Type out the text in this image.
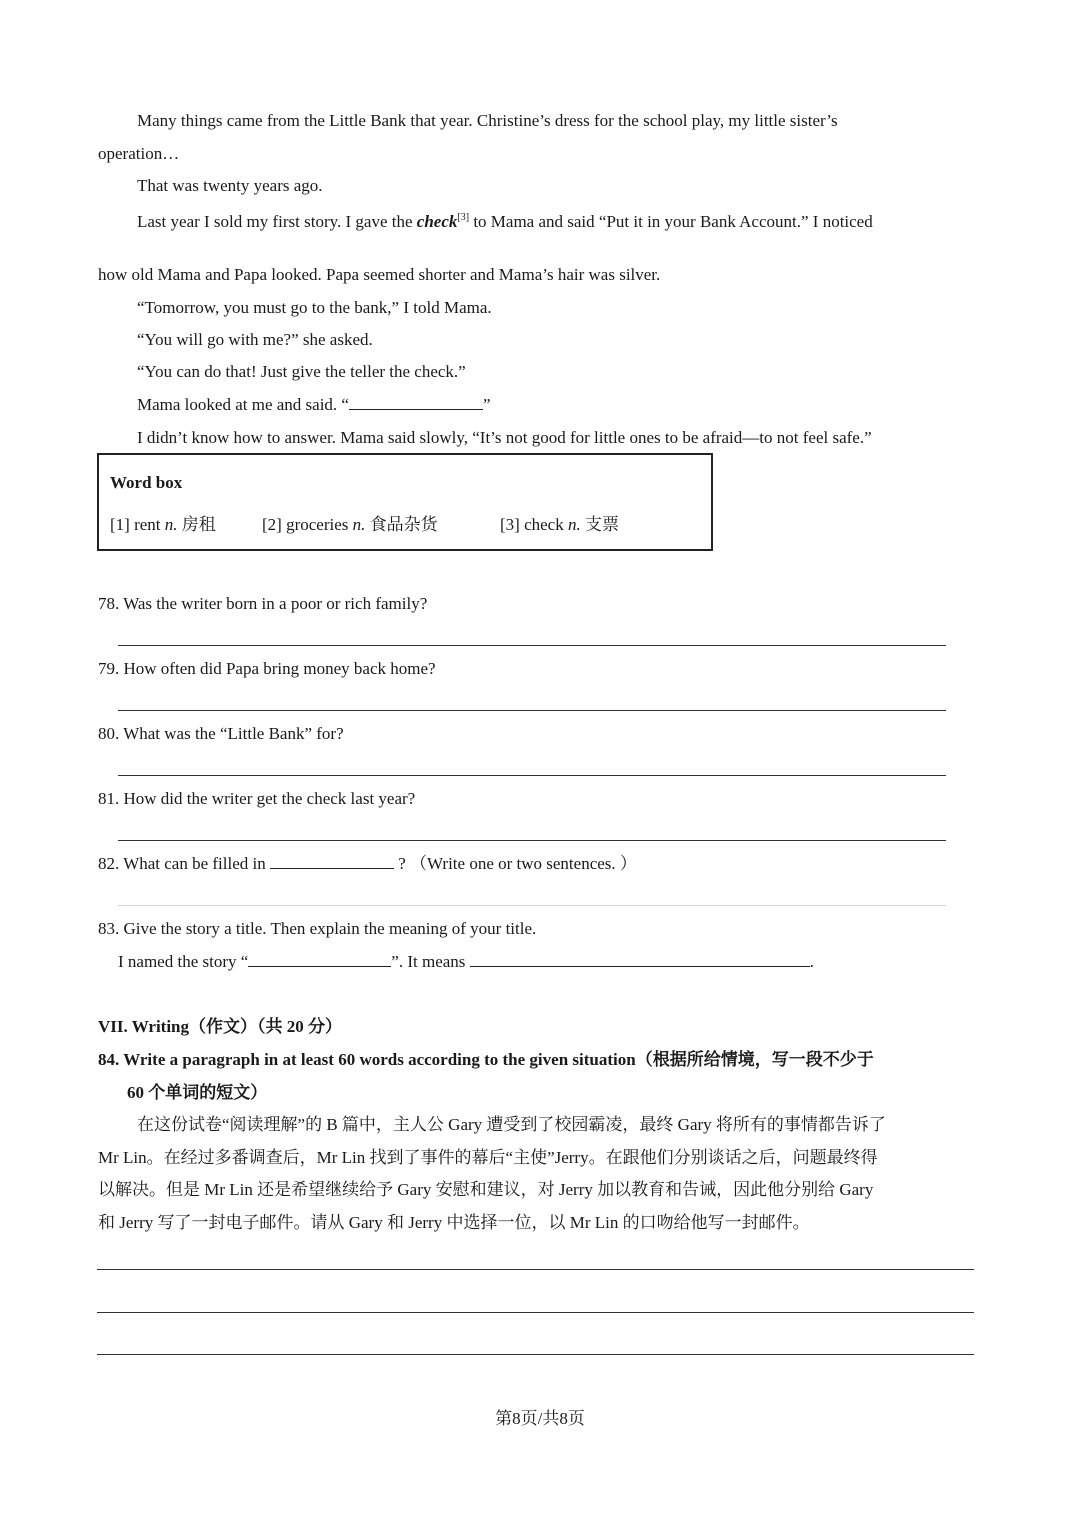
Many things came from the Little Bank that year. Christine’s dress for the school play, my little sister’s
operation…
That was twenty years ago.
Last year I sold my first story. I gave the check[3] to Mama and said “Put it in your Bank Account.” I noticed
how old Mama and Papa looked. Papa seemed shorter and Mama’s hair was silver.
“Tomorrow, you must go to the bank,” I told Mama.
“You will go with me?” she asked.
“You can do that! Just give the teller the check.”
Mama looked at me and said. “	”
I didn’t know how to answer. Mama said slowly, “It’s not good for little ones to be afraid—to not feel safe.”
Word box
[1] rent n. 房租	[2] groceries n. 食品杂货	[3] check n. 支票
78. Was the writer born in a poor or rich family?
79. How often did Papa bring money back home?
80. What was the “Little Bank” for?
81. How did the writer get the check last year?
82. What can be filled in	? （Write one or two sentences. ）
83. Give the story a title. Then explain the meaning of your title.
I named the story “	”. It means	.
VII. Writing（作文）（共 20 分）
84. Write a paragraph in at least 60 words according to the given situation（根据所给情境，写一段不少于
60 个单词的短文）
在这份试卷“阅读理解”的 B 篇中，主人公 Gary 遭受到了校园霸凌，最终 Gary 将所有的事情都告诉了
Mr Lin。在经过多番调查后，Mr Lin 找到了事件的幕后“主使”Jerry。在跟他们分别谈话之后，问题最终得
以解决。但是 Mr Lin 还是希望继续给予 Gary 安慰和建议，对 Jerry 加以教育和告诫，因此他分别给 Gary
和 Jerry 写了一封电子邮件。请从 Gary 和 Jerry 中选择一位，以 Mr Lin 的口吻给他写一封邮件。
第8页/共8页
